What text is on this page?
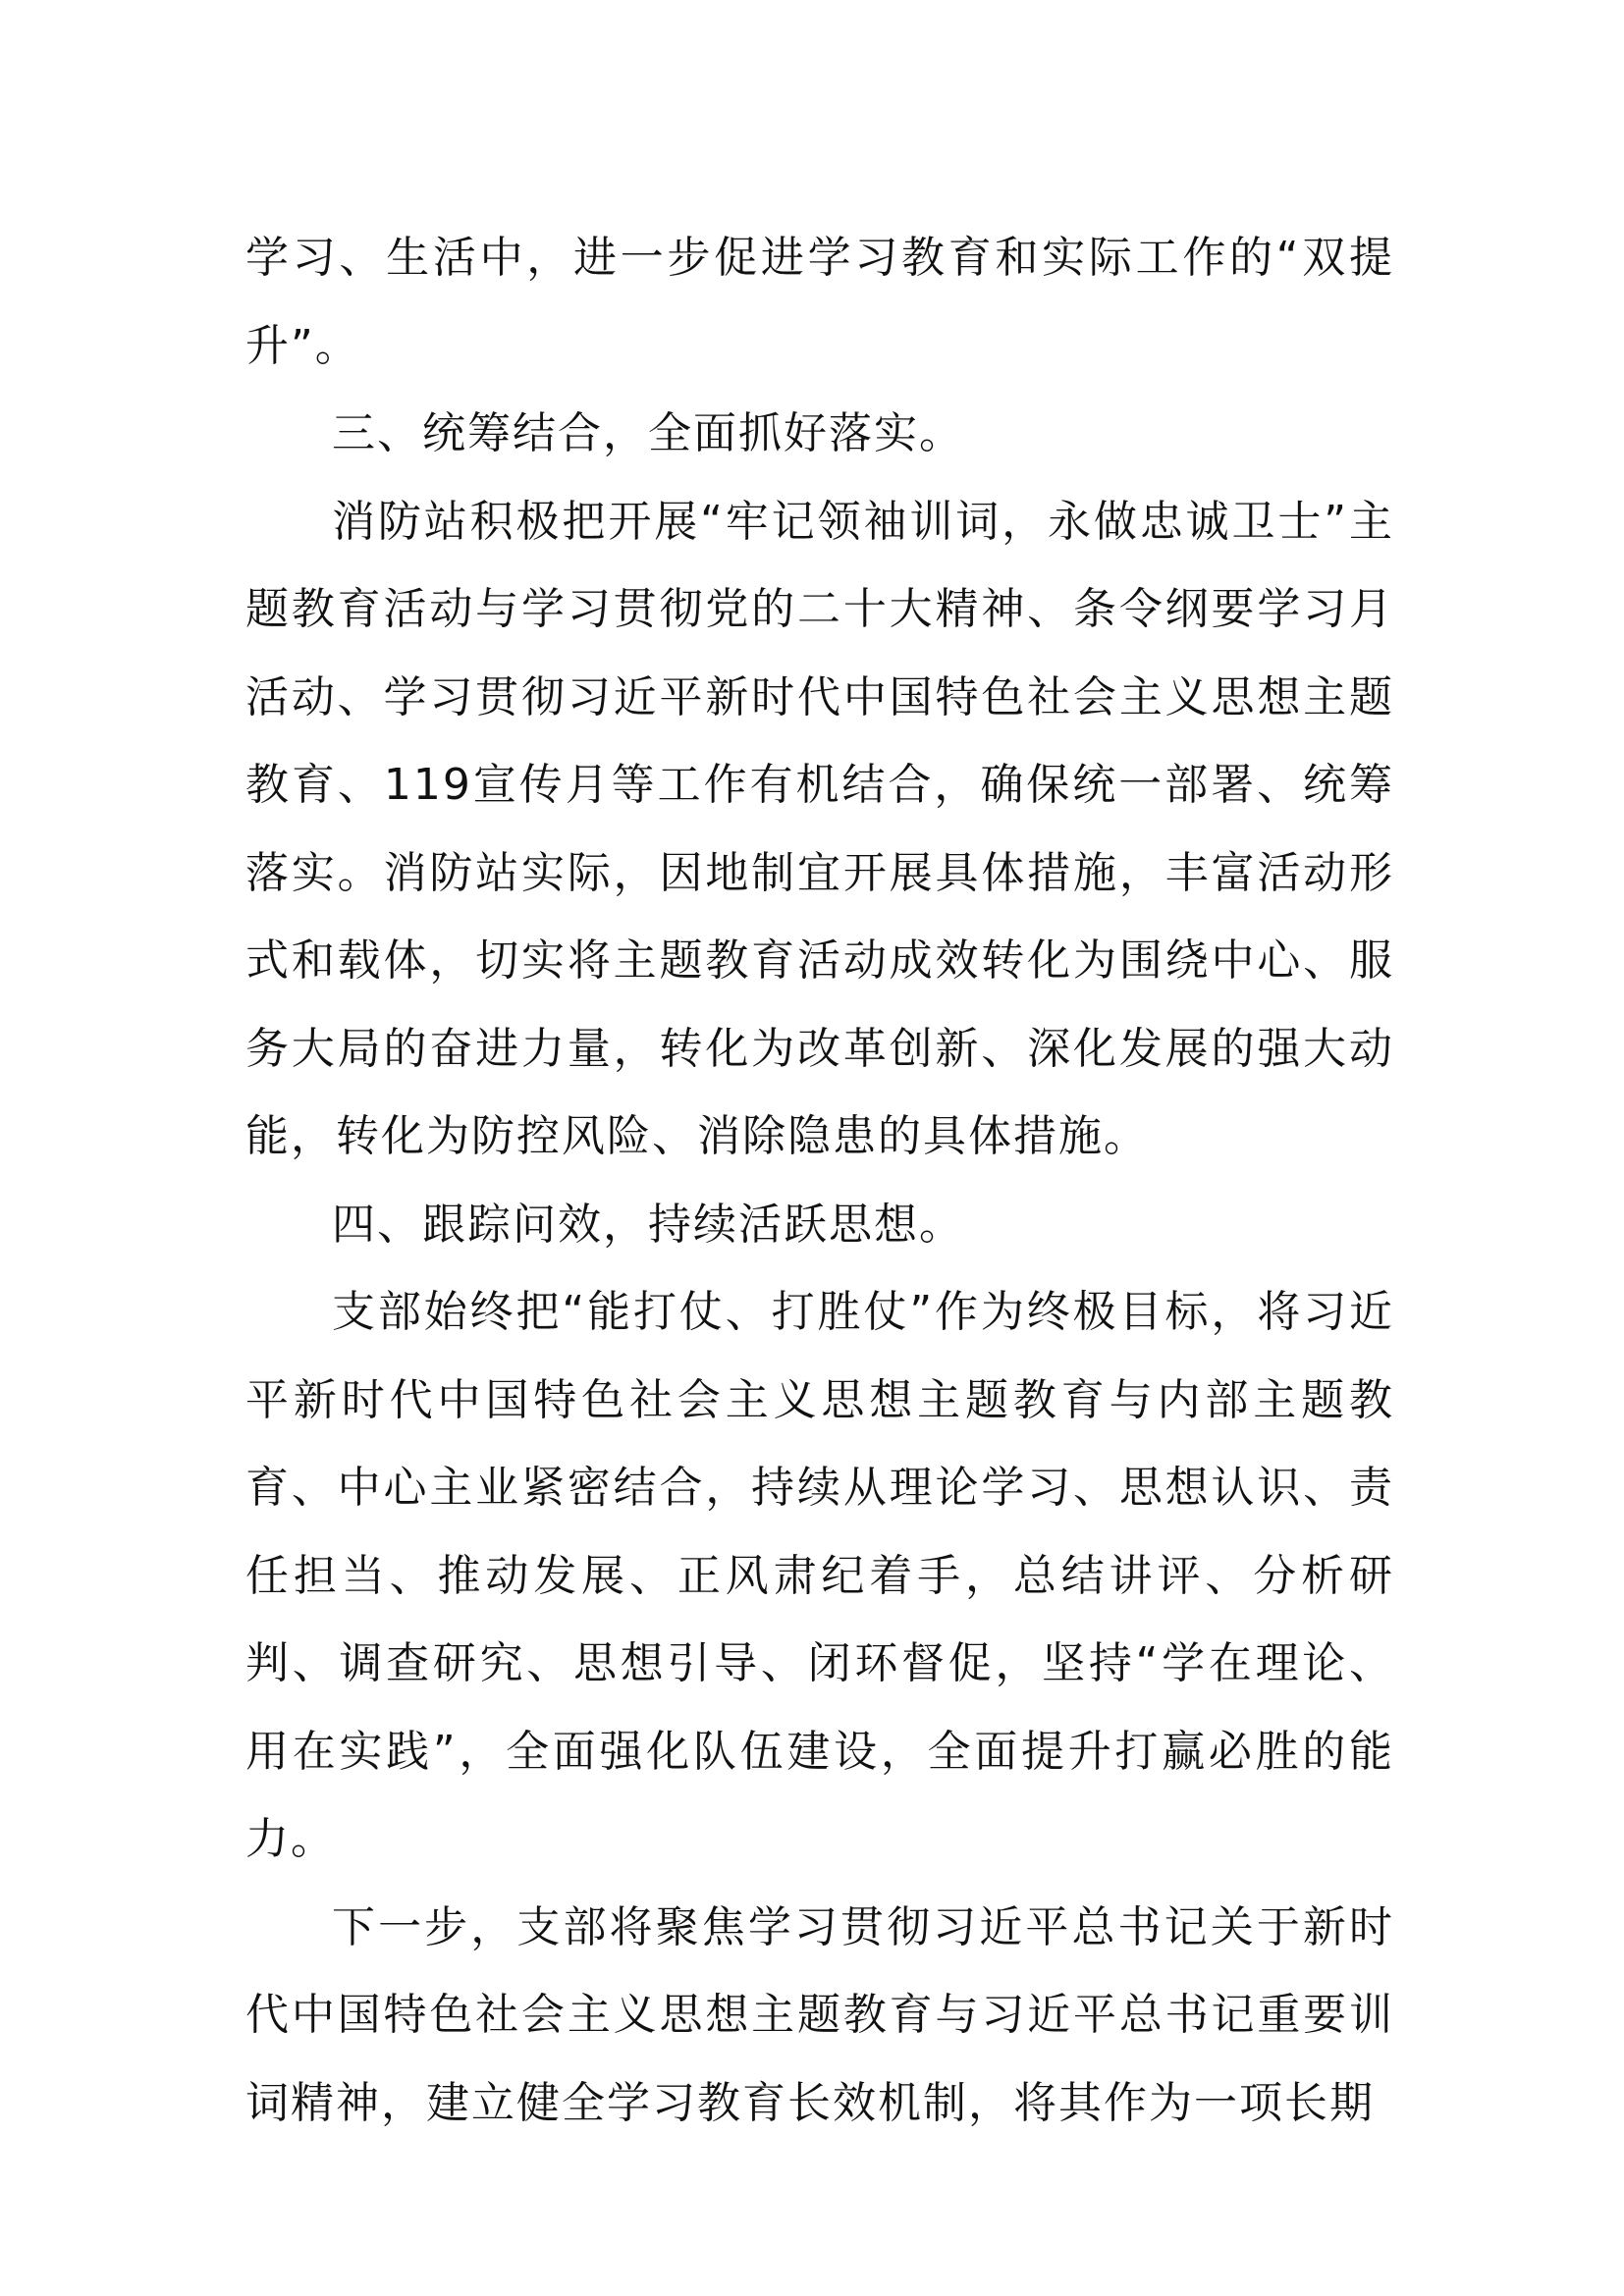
学习、生活中，进一步促进学习教育和实际工作的“双提升”。

三、统筹结合，全面抓好落实。

消防站积极把开展“牢记领袖训词，永做忠诚卫士”主题教育活动与学习贯彻党的二十大精神、条令纲要学习月活动、学习贯彻习近平新时代中国特色社会主义思想主题教育、119宣传月等工作有机结合，确保统一部署、统筹落实。消防站实际，因地制宜开展具体措施，丰富活动形式和载体，切实将主题教育活动成效转化为围绕中心、服务大局的奋进力量，转化为改革创新、深化发展的强大动能，转化为防控风险、消除隐患的具体措施。

四、跟踪问效，持续活跃思想。

支部始终把“能打仗、打胜仗”作为终极目标，将习近平新时代中国特色社会主义思想主题教育与内部主题教育、中心主业紧密结合，持续从理论学习、思想认识、责任担当、推动发展、正风肃纪着手，总结讲评、分析研判、调查研究、思想引导、闭环督促，坚持“学在理论、用在实践”，全面强化队伍建设，全面提升打赢必胜的能力。

下一步，支部将聚焦学习贯彻习近平总书记关于新时代中国特色社会主义思想主题教育与习近平总书记重要训词精神，建立健全学习教育长效机制，将其作为一项长期
